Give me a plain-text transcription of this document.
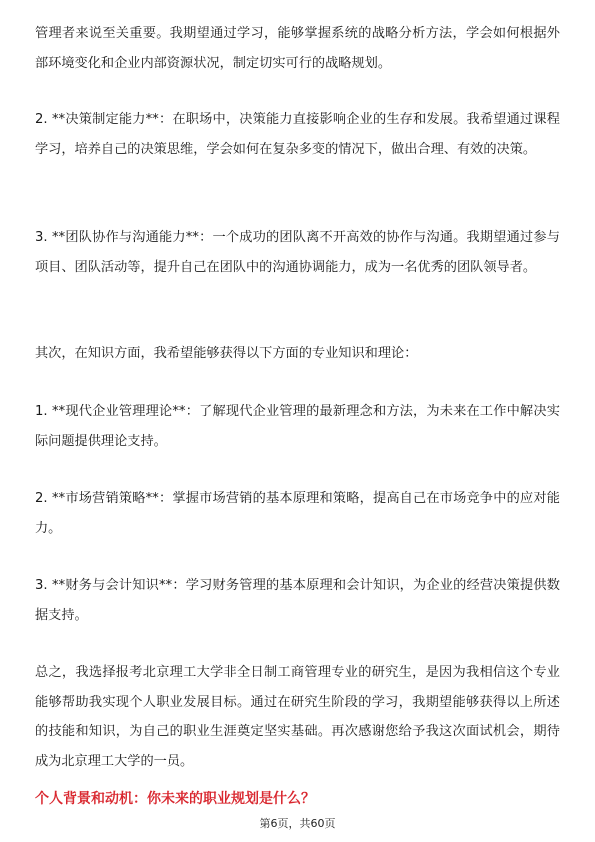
管理者来说至关重要。我期望通过学习，能够掌握系统的战略分析方法，学会如何根据外部环境变化和企业内部资源状况，制定切实可行的战略规划。

2. **决策制定能力**：在职场中，决策能力直接影响企业的生存和发展。我希望通过课程学习，培养自己的决策思维，学会如何在复杂多变的情况下，做出合理、有效的决策。

3. **团队协作与沟通能力**：一个成功的团队离不开高效的协作与沟通。我期望通过参与项目、团队活动等，提升自己在团队中的沟通协调能力，成为一名优秀的团队领导者。

其次，在知识方面，我希望能够获得以下方面的专业知识和理论：

1. **现代企业管理理论**：了解现代企业管理的最新理念和方法，为未来在工作中解决实际问题提供理论支持。

2. **市场营销策略**：掌握市场营销的基本原理和策略，提高自己在市场竞争中的应对能力。

3. **财务与会计知识**：学习财务管理的基本原理和会计知识，为企业的经营决策提供数据支持。

总之，我选择报考北京理工大学非全日制工商管理专业的研究生，是因为我相信这个专业能够帮助我实现个人职业发展目标。通过在研究生阶段的学习，我期望能够获得以上所述的技能和知识，为自己的职业生涯奠定坚实基础。再次感谢您给予我这次面试机会，期待成为北京理工大学的一员。

个人背景和动机：你未来的职业规划是什么？

第6页，共60页
